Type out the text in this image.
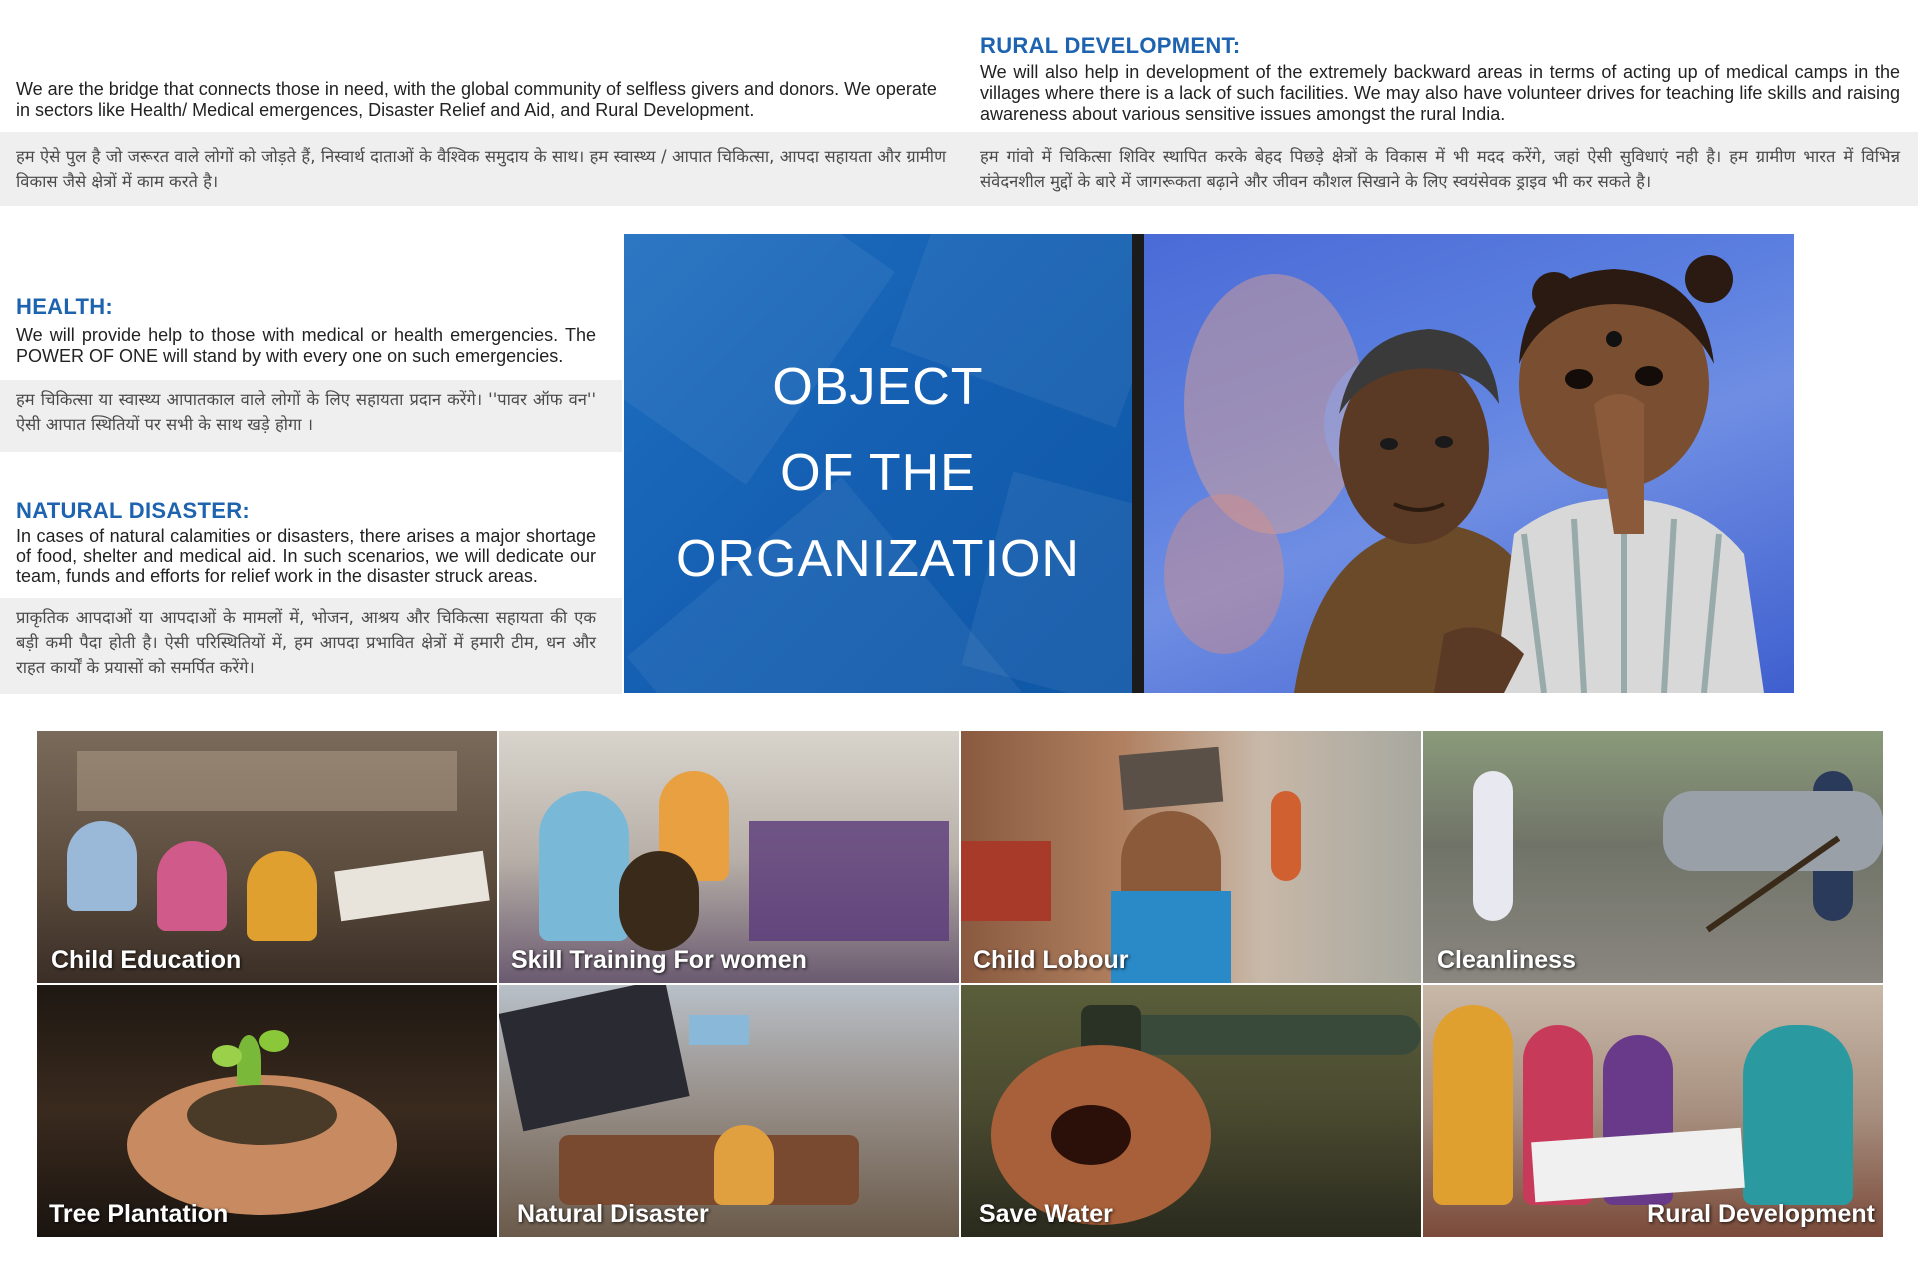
We are the bridge that connects those in need, with the global community of selfless givers and donors. We operate in sectors like Health/ Medical emergences, Disaster Relief and Aid, and Rural Development.
हम ऐसे पुल है जो जरूरत वाले लोगों को जोड़ते हैं, निस्वार्थ दाताओं के वैश्विक समुदाय के साथ। हम स्वास्थ्य / आपात चिकित्सा, आपदा सहायता और ग्रामीण विकास जैसे क्षेत्रों में काम करते है।
RURAL DEVELOPMENT:
We will also help in development of the extremely backward areas in terms of acting up of medical camps in the villages where there is a lack of such facilities. We may also have volunteer drives for teaching life skills and raising awareness about various sensitive issues amongst the rural India.
हम गांवो में चिकित्सा शिविर स्थापित करके बेहद पिछड़े क्षेत्रों के विकास में भी मदद करेंगे, जहां ऐसी सुविधाएं नही है। हम ग्रामीण भारत में विभिन्न संवेदनशील मुद्दों के बारे में जागरूकता बढ़ाने और जीवन कौशल सिखाने के लिए स्वयंसेवक ड्राइव भी कर सकते है।
HEALTH:
We will provide help to those with medical or health emergencies. The POWER OF ONE will stand by with every one on such emergencies.
हम चिकित्सा या स्वास्थ्य आपातकाल वाले लोगों के लिए सहायता प्रदान करेंगे। ''पावर ऑफ वन'' ऐसी आपात स्थितियों पर सभी के साथ खड़े होगा ।
NATURAL DISASTER:
In cases of natural calamities or disasters, there arises a major shortage of food, shelter and medical aid. In such scenarios, we will dedicate our team, funds and efforts for relief work in the disaster struck areas.
प्राकृतिक आपदाओं या आपदाओं के मामलों में, भोजन, आश्रय और चिकित्सा सहायता की एक बड़ी कमी पैदा होती है। ऐसी परिस्थितियों में, हम आपदा प्रभावित क्षेत्रों में हमारी टीम, धन और राहत कार्यों के प्रयासों को समर्पित करेंगे।
OBJECT
OF THE
ORGANIZATION
Child Education	Skill Training For women	Child Lobour	Cleanliness
Tree Plantation	Natural Disaster	Save Water	Rural Development
